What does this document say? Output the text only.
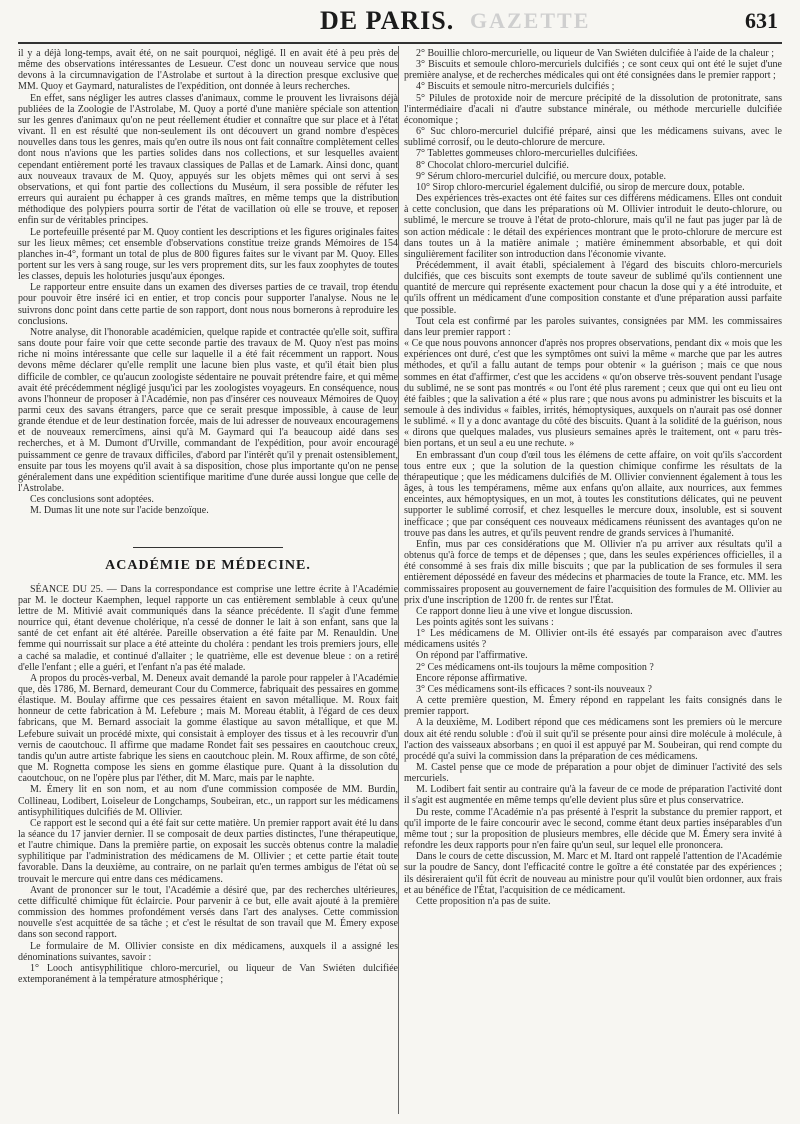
GAZETTE
DE PARIS.	631

il y a déjà long-temps, avait été, on ne sait pourquoi, négligé. Il en avait été à peu près de même des observations intéressantes de Lesueur. C'est donc un nouveau service que nous devons à la circumnavigation de l'Astrolabe et surtout à la direction presque exclusive que MM. Quoy et Gaymard, naturalistes de l'expédition, ont donnée à leurs recherches.

En effet, sans négliger les autres classes d'animaux, comme le prouvent les livraisons déjà publiées de la Zoologie de l'Astrolabe, M. Quoy a porté d'une manière spéciale son attention sur les genres d'animaux qu'on ne peut réellement étudier et connaître que sur place et à l'état vivant. Il en est résulté que non-seulement ils ont découvert un grand nombre d'espèces nouvelles dans tous les genres, mais qu'en outre ils nous ont fait connaître complètement celles dont nous n'avions que les parties solides dans nos collections, et sur lesquelles avaient cependant entièrement porté les travaux classiques de Pallas et de Lamark. Ainsi donc, quant aux nouveaux travaux de M. Quoy, appuyés sur les objets mêmes qui ont servi à ses observations, et qui font partie des collections du Muséum, il sera possible de réfuter les erreurs qui auraient pu échapper à ces grands maîtres, en même temps que la distribution méthodique des polypiers pourra sortir de l'état de vacillation où elle se trouve, et reposer enfin sur de véritables principes.

Le portefeuille présenté par M. Quoy contient les descriptions et les figures originales faites sur les lieux mêmes; cet ensemble d'observations constitue treize grands Mémoires de 154 planches in-4°, formant un total de plus de 800 figures faites sur le vivant par M. Quoy. Elles portent sur les vers à sang rouge, sur les vers proprement dits, sur les faux zoophytes de toutes les classes, depuis les holoturies jusqu'aux éponges.

Le rapporteur entre ensuite dans un examen des diverses parties de ce travail, trop étendu pour pouvoir être inséré ici en entier, et trop concis pour supporter l'analyse. Nous ne le suivrons donc point dans cette partie de son rapport, dont nous nous bornerons à reproduire les conclusions.

Notre analyse, dit l'honorable académicien, quelque rapide et contractée qu'elle soit, suffira sans doute pour faire voir que cette seconde partie des travaux de M. Quoy n'est pas moins riche ni moins intéressante que celle sur laquelle il a été fait récemment un rapport. Nous devons même déclarer qu'elle remplit une lacune bien plus vaste, et qu'il était bien plus difficile de combler, ce qu'aucun zoologiste sédentaire ne pouvait prétendre faire, et qui même avait été précédemment négligé jusqu'ici par les zoologistes voyageurs. En conséquence, nous avons l'honneur de proposer à l'Académie, non pas d'insérer ces nouveaux Mémoires de Quoy parmi ceux des savans étrangers, parce que ce serait presque impossible, à cause de leur grande étendue et de leur destination forcée, mais de lui adresser de nouveaux encouragemens et de nouveaux remercîmens, ainsi qu'à M. Gaymard qui l'a beaucoup aidé dans ses recherches, et à M. Dumont d'Urville, commandant de l'expédition, pour avoir encouragé puissamment ce genre de travaux difficiles, d'abord par l'intérêt qu'il y prenait ostensiblement, ensuite par tous les moyens qu'il avait à sa disposition, chose plus importante qu'on ne pense généralement dans une expédition scientifique maritime d'une durée aussi longue que celle de l'Astrolabe.

Ces conclusions sont adoptées.

M. Dumas lit une note sur l'acide benzoïque.

ACADÉMIE DE MÉDECINE.

SÉANCE DU 25. — Dans la correspondance est comprise une lettre écrite à l'Académie par M. le docteur Kaemphen, lequel rapporte un cas entièrement semblable à ceux qu'une lettre de M. Mitivié avait communiqués dans la séance précédente. Il s'agit d'une femme nourrice qui, étant devenue cholérique, n'a cessé de donner le lait à son enfant, sans que la santé de cet enfant ait été altérée. Pareille observation a été faite par M. Renauldin. Une femme qui nourrissait sur place a été atteinte du choléra : pendant les trois premiers jours, elle a caché sa maladie, et continué d'allaiter ; le quatrième, elle est devenue bleue : on a retiré d'elle l'enfant ; elle a guéri, et l'enfant n'a pas été malade.

A propos du procès-verbal, M. Deneux avait demandé la parole pour rappeler à l'Académie que, dès 1786, M. Bernard, demeurant Cour du Commerce, fabriquait des pessaires en gomme élastique. M. Boulay affirme que ces pessaires étaient en savon métallique. M. Roux fait honneur de cette fabrication à M. Lefebure ; mais M. Moreau établit, à l'égard de ces deux fabricans, que M. Bernard associait la gomme élastique au savon métallique, et que M. Lefebure suivait un procédé mixte, qui consistait à employer des tissus et à les recouvrir d'un vernis de caoutchouc. Il affirme que madame Rondet fait ses pessaires en caoutchouc creux, tandis qu'un autre artiste fabrique les siens en caoutchouc plein. M. Roux affirme, de son côté, que M. Rognetta compose les siens en gomme élastique pure. Quant à la dissolution du caoutchouc, on ne l'opère plus par l'éther, dit M. Marc, mais par le naphte.

M. Émery lit en son nom, et au nom d'une commission composée de MM. Burdin, Collineau, Lodibert, Loiseleur de Longchamps, Soubeiran, etc., un rapport sur les médicamens antisyphilitiques dulcifiés de M. Ollivier.

Ce rapport est le second qui a été fait sur cette matière. Un premier rapport avait été lu dans la séance du 17 janvier dernier. Il se composait de deux parties distinctes, l'une thérapeutique, et l'autre chimique. Dans la première partie, on exposait les succès obtenus contre la maladie syphilitique par l'administration des médicamens de M. Ollivier ; et cette partie était toute favorable. Dans la deuxième, au contraire, on ne parlait qu'en termes ambigus de l'état où se trouvait le mercure qui entre dans ces médicamens.

Avant de prononcer sur le tout, l'Académie a désiré que, par des recherches ultérieures, cette difficulté chimique fût éclaircie. Pour parvenir à ce but, elle avait ajouté à la première commission des hommes profondément versés dans l'art des analyses. Cette commission nouvelle s'est acquittée de sa tâche ; et c'est le résultat de son travail que M. Émery expose dans son second rapport.

Le formulaire de M. Ollivier consiste en dix médicamens, auxquels il a assigné les dénominations suivantes, savoir :

1° Looch antisyphilitique chloro-mercuriel, ou liqueur de Van Swiéten dulcifiée extemporanément à la température atmosphérique ;

2° Bouillie chloro-mercurielle, ou liqueur de Van Swiéten dulcifiée à l'aide de la chaleur ;

3° Biscuits et semoule chloro-mercuriels dulcifiés ; ce sont ceux qui ont été le sujet d'une première analyse, et de recherches médicales qui ont été consignées dans le premier rapport ;

4° Biscuits et semoule nitro-mercuriels dulcifiés ;

5° Pilules de protoxide noir de mercure précipité de la dissolution de protonitrate, sans l'intermédiaire d'acali ni d'autre substance minérale, ou méthode mercurielle dulcifiée économique ;

6° Suc chloro-mercuriel dulcifié préparé, ainsi que les médicamens suivans, avec le sublimé corrosif, ou le deuto-chlorure de mercure.

7° Tablettes gommeuses chloro-mercurielles dulcifiées.

8° Chocolat chloro-mercuriel dulcifié.

9° Sérum chloro-mercuriel dulcifié, ou mercure doux, potable.

10° Sirop chloro-mercuriel également dulcifié, ou sirop de mercure doux, potable.

Des expériences très-exactes ont été faites sur ces différens médicamens. Elles ont conduit à cette conclusion, que dans les préparations où M. Ollivier introduit le deuto-chlorure, ou sublimé, le mercure se trouve à l'état de proto-chlorure, mais qu'il ne faut pas juger par là de son action médicale : le détail des expériences montrant que le proto-chlorure de mercure est dans toutes un à la matière animale ; matière éminemment absorbable, et qui doit singulièrement faciliter son introduction dans l'économie vivante.

Précédemment, il avait établi, spécialement à l'égard des biscuits chloro-mercuriels dulcifiés, que ces biscuits sont exempts de toute saveur de sublimé qu'ils contiennent une quantité de mercure qui représente exactement pour chacun la dose qui y a été introduite, et qu'ils offrent un médicament d'une composition constante et d'une préparation aussi parfaite que possible.

Tout cela est confirmé par les paroles suivantes, consignées par MM. les commissaires dans leur premier rapport :

« Ce que nous pouvons annoncer d'après nos propres observations, pendant dix « mois que les expériences ont duré, c'est que les symptômes ont suivi la même « marche que par les autres méthodes, et qu'il a fallu autant de temps pour obtenir « la guérison ; mais ce que nous sommes en état d'affirmer, c'est que les accidens « qu'on observe très-souvent pendant l'usage du sublimé, ne se sont pas montrés « ou l'ont été plus rarement ; ceux que qui ont eu lieu ont été faibles ; que la salivation a été « plus rare ; que nous avons pu administrer les biscuits et la semoule à des individus « faibles, irrités, hémoptysiques, auxquels on n'aurait pas osé donner le sublimé. « Il y a donc avantage du côté des biscuits. Quant à la solidité de la guérison, nous « dirons que quelques malades, vus plusieurs semaines après le traitement, ont « paru très-bien portans, et un seul a eu une rechute. »

En embrassant d'un coup d'œil tous les élémens de cette affaire, on voit qu'ils s'accordent tous entre eux ; que la solution de la question chimique confirme les résultats de la thérapeutique ; que les médicamens dulcifiés de M. Ollivier conviennent également à tous les âges, à tous les tempéramens, même aux enfans qu'on allaite, aux nourrices, aux femmes enceintes, aux hémoptysiques, en un mot, à toutes les constitutions délicates, qui ne peuvent supporter le sublimé corrosif, et chez lesquelles le mercure doux, insoluble, est si souvent inefficace ; que par conséquent ces nouveaux médicamens réunissent des avantages qu'on ne trouve pas dans les autres, et qu'ils peuvent rendre de grands services à l'humanité.

Enfin, mus par ces considérations que M. Ollivier n'a pu arriver aux résultats qu'il a obtenus qu'à force de temps et de dépenses ; que, dans les seules expériences officielles, il a été consommé à ses frais dix mille biscuits ; que par la publication de ses formules il sera entièrement dépossédé en faveur des médecins et pharmacies de toute la France, etc. MM. les commissaires proposent au gouvernement de faire l'acquisition des formules de M. Ollivier au prix d'une inscription de 1200 fr. de rentes sur l'État.

Ce rapport donne lieu à une vive et longue discussion.

Les points agités sont les suivans :

1° Les médicamens de M. Ollivier ont-ils été essayés par comparaison avec d'autres médicamens usités ?

On répond par l'affirmative.

2° Ces médicamens ont-ils toujours la même composition ?

Encore réponse affirmative.

3° Ces médicamens sont-ils efficaces ? sont-ils nouveaux ?

A cette première question, M. Émery répond en rappelant les faits consignés dans le premier rapport.

A la deuxième, M. Lodibert répond que ces médicamens sont les premiers où le mercure doux ait été rendu soluble : d'où il suit qu'il se présente pour ainsi dire molécule à molécule, à l'action des vaisseaux absorbans ; en quoi il est appuyé par M. Soubeiran, qui rend compte du procédé qu'a suivi la commission dans la préparation de ces médicamens.

M. Castel pense que ce mode de préparation a pour objet de diminuer l'activité des sels mercuriels.

M. Lodibert fait sentir au contraire qu'à la faveur de ce mode de préparation l'activité dont il s'agit est augmentée en même temps qu'elle devient plus sûre et plus conservatrice.

Du reste, comme l'Académie n'a pas présenté à l'esprit la substance du premier rapport, et qu'il importe de le faire concourir avec le second, comme étant deux parties inséparables d'un même tout ; sur la proposition de plusieurs membres, elle décide que M. Émery sera invité à refondre les deux rapports pour n'en faire qu'un seul, sur lequel elle prononcera.

Dans le cours de cette discussion, M. Marc et M. Itard ont rappelé l'attention de l'Académie sur la poudre de Sancy, dont l'efficacité contre le goître a été constatée par des expériences ; ils désireraient qu'il fût écrit de nouveau au ministre pour qu'il voulût bien ordonner, aux frais et au bénéfice de l'État, l'acquisition de ce médicament.

Cette proposition n'a pas de suite.
